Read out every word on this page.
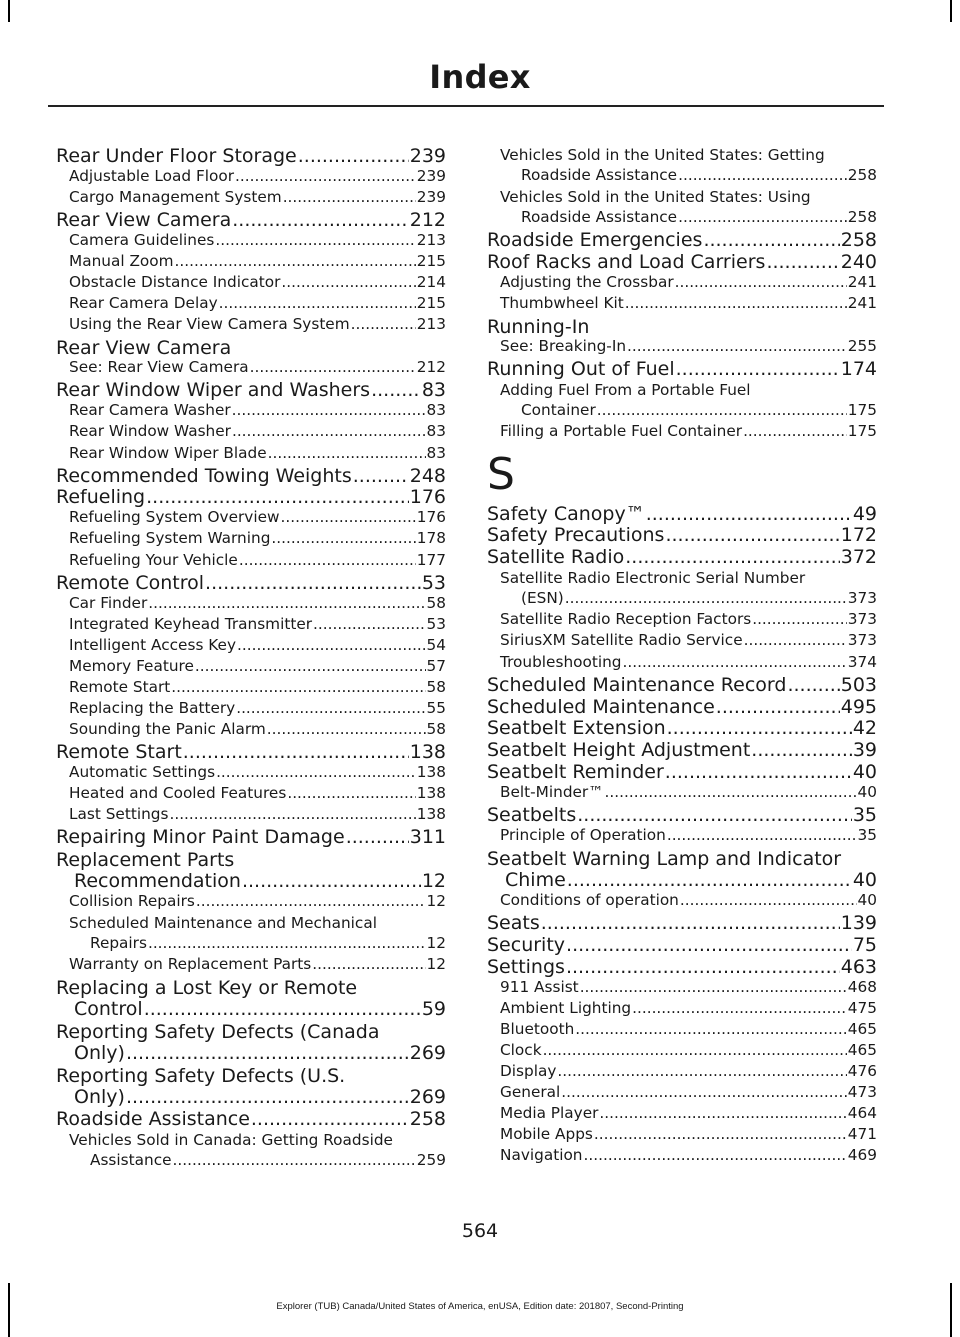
Index
Rear Under Floor Storage .....	239
Adjustable Load Floor .....	239
Cargo Management System .....	239
Rear View Camera .....	212
Camera Guidelines .....	213
Manual Zoom .....	215
Obstacle Distance Indicator .....	214
Rear Camera Delay .....	215
Using the Rear View Camera System .....	213
Rear View Camera
See: Rear View Camera .....	212
Rear Window Wiper and Washers .....	83
Rear Camera Washer .....	83
Rear Window Washer .....	83
Rear Window Wiper Blade .....	83
Recommended Towing Weights .....	248
Refueling .....	176
Refueling System Overview .....	176
Refueling System Warning .....	178
Refueling Your Vehicle .....	177
Remote Control .....	53
Car Finder .....	58
Integrated Keyhead Transmitter .....	53
Intelligent Access Key .....	54
Memory Feature .....	57
Remote Start .....	58
Replacing the Battery .....	55
Sounding the Panic Alarm .....	58
Remote Start .....	138
Automatic Settings .....	138
Heated and Cooled Features .....	138
Last Settings .....	138
Repairing Minor Paint Damage .....	311
Replacement Parts
Recommendation .....	12
Collision Repairs .....	12
Scheduled Maintenance and Mechanical
Repairs .....	12
Warranty on Replacement Parts .....	12
Replacing a Lost Key or Remote
Control .....	59
Reporting Safety Defects (Canada
Only) .....	269
Reporting Safety Defects (U.S.
Only) .....	269
Roadside Assistance .....	258
Vehicles Sold in Canada: Getting Roadside
Assistance .....	259
Vehicles Sold in the United States: Getting
Roadside Assistance .....	258
Vehicles Sold in the United States: Using
Roadside Assistance .....	258
Roadside Emergencies .....	258
Roof Racks and Load Carriers .....	240
Adjusting the Crossbar .....	241
Thumbwheel Kit .....	241
Running-In
See: Breaking-In .....	255
Running Out of Fuel .....	174
Adding Fuel From a Portable Fuel
Container .....	175
Filling a Portable Fuel Container .....	175
S
Safety Canopy™ .....	49
Safety Precautions .....	172
Satellite Radio .....	372
Satellite Radio Electronic Serial Number
(ESN) .....	373
Satellite Radio Reception Factors .....	373
SiriusXM Satellite Radio Service .....	373
Troubleshooting .....	374
Scheduled Maintenance Record .....	503
Scheduled Maintenance .....	495
Seatbelt Extension .....	42
Seatbelt Height Adjustment .....	39
Seatbelt Reminder .....	40
Belt-Minder™ .....	40
Seatbelts .....	35
Principle of Operation .....	35
Seatbelt Warning Lamp and Indicator
Chime .....	40
Conditions of operation .....	40
Seats .....	139
Security .....	75
Settings .....	463
911 Assist .....	468
Ambient Lighting .....	475
Bluetooth .....	465
Clock .....	465
Display .....	476
General .....	473
Media Player .....	464
Mobile Apps .....	471
Navigation .....	469
564
Explorer (TUB) Canada/United States of America, enUSA, Edition date: 201807, Second-Printing
